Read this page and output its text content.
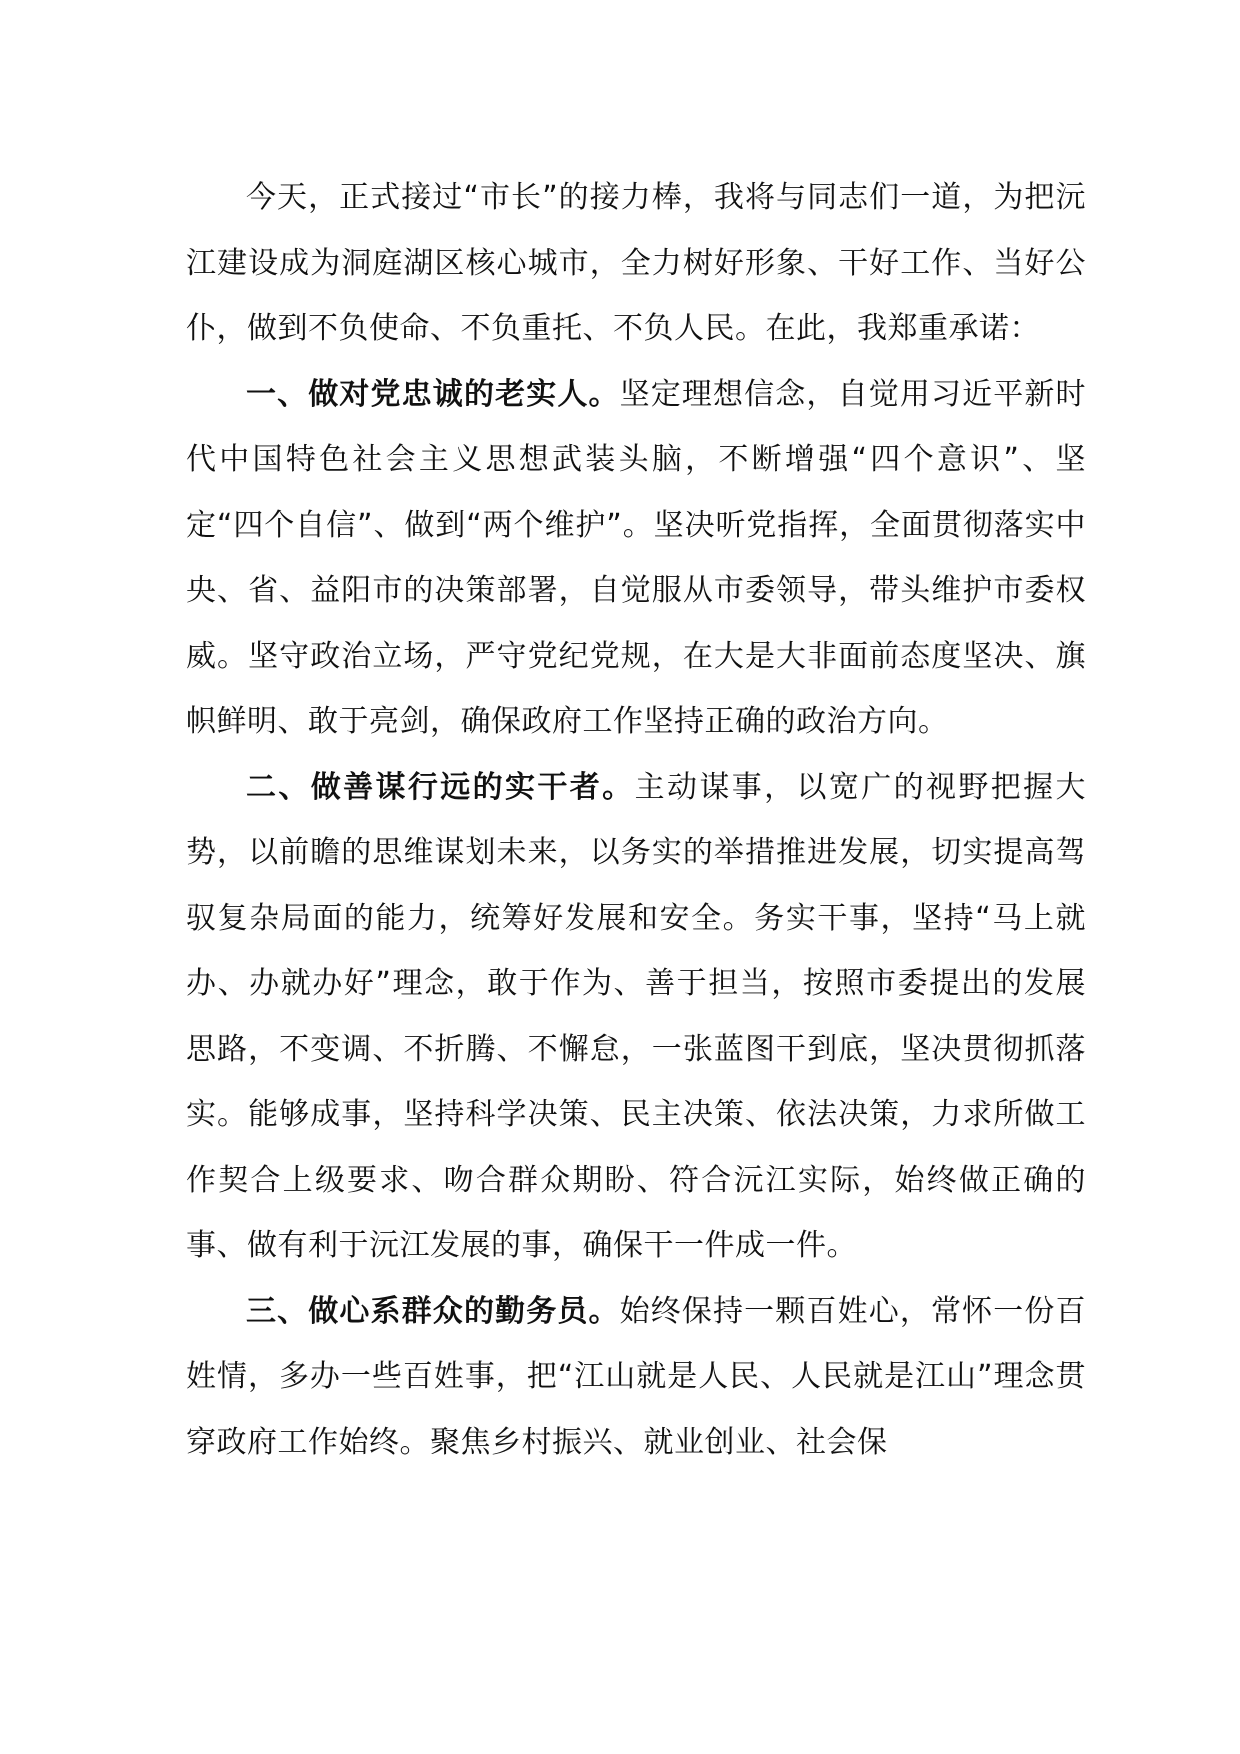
今天，正式接过“市长”的接力棒，我将与同志们一道，为把沅江建设成为洞庭湖区核心城市，全力树好形象、干好工作、当好公仆，做到不负使命、不负重托、不负人民。在此，我郑重承诺：

一、做对党忠诚的老实人。坚定理想信念，自觉用习近平新时代中国特色社会主义思想武装头脑，不断增强“四个意识”、坚定“四个自信”、做到“两个维护”。坚决听党指挥，全面贯彻落实中央、省、益阳市的决策部署，自觉服从市委领导，带头维护市委权威。坚守政治立场，严守党纪党规，在大是大非面前态度坚决、旗帜鲜明、敢于亮剑，确保政府工作坚持正确的政治方向。

二、做善谋行远的实干者。主动谋事，以宽广的视野把握大势，以前瞻的思维谋划未来，以务实的举措推进发展，切实提高驾驭复杂局面的能力，统筹好发展和安全。务实干事，坚持“马上就办、办就办好”理念，敢于作为、善于担当，按照市委提出的发展思路，不变调、不折腾、不懈怠，一张蓝图干到底，坚决贯彻抓落实。能够成事，坚持科学决策、民主决策、依法决策，力求所做工作契合上级要求、吻合群众期盼、符合沅江实际，始终做正确的事、做有利于沅江发展的事，确保干一件成一件。

三、做心系群众的勤务员。始终保持一颗百姓心，常怀一份百姓情，多办一些百姓事，把“江山就是人民、人民就是江山”理念贯穿政府工作始终。聚焦乡村振兴、就业创业、社会保
